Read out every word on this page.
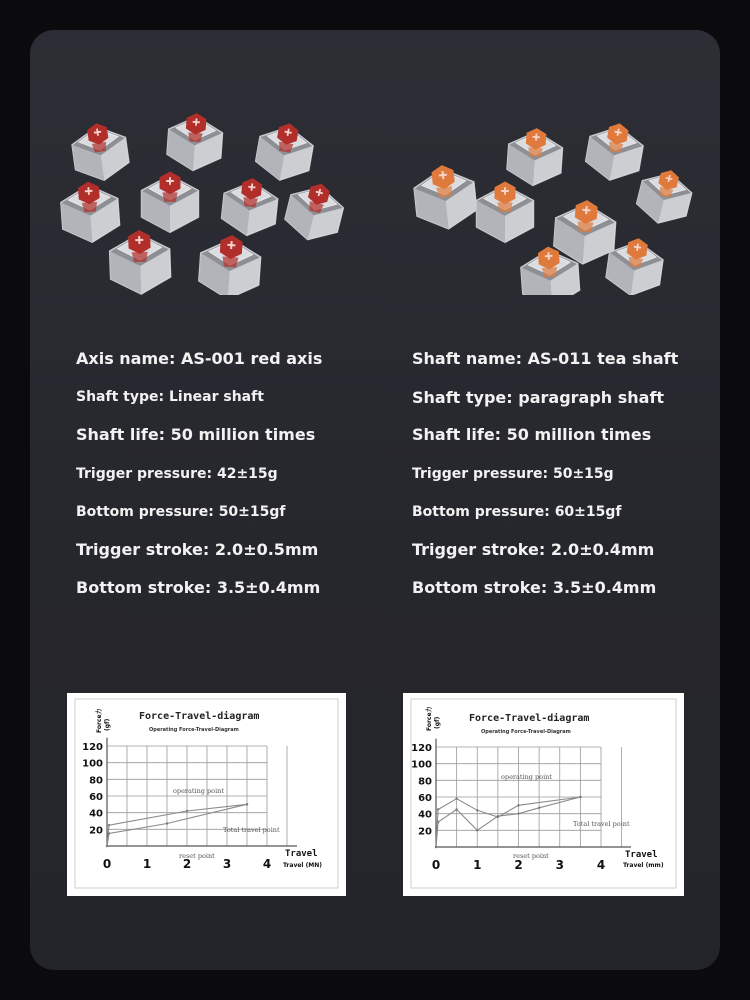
Axis name: AS-001 red axis
Shaft type: Linear shaft
Shaft life: 50 million times
Trigger pressure: 42±15g
Bottom pressure: 50±15gf
Trigger stroke: 2.0±0.5mm
Bottom stroke: 3.5±0.4mm
Shaft name: AS-011 tea shaft
Shaft type: paragraph shaft
Shaft life: 50 million times
Trigger pressure: 50±15g
Bottom pressure: 60±15gf
Trigger stroke: 2.0±0.4mm
Bottom stroke: 3.5±0.4mm
Force-Travel-diagram
Operating Force-Travel-Diagram
Force力 (gf)
Travel
Travel (MN)
120
100
80
60
40
20
0	1	2	3	4
operating point
Total travel point
reset point
Force-Travel-diagram
Operating Force-Travel-Diagram
Force力 (gf)
Travel
Travel (mm)
120
100
80
60
40
20
0	1	2	3	4
operating point
Total travel point
reset point
